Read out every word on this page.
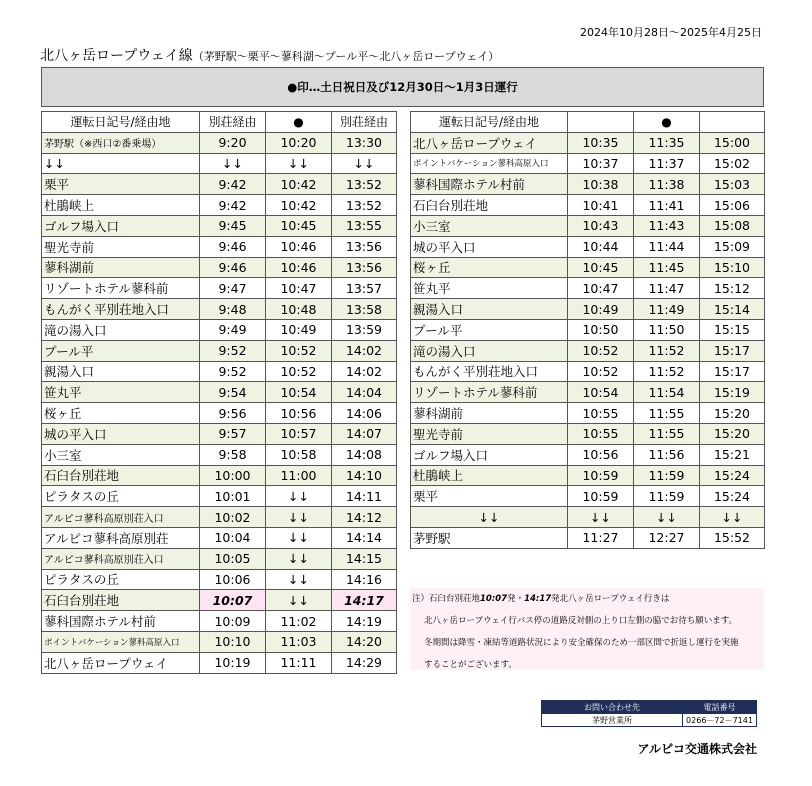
2024年10月28日～2025年4月25日
北八ヶ岳ロープウェイ線（茅野駅～栗平～蓼科湖～プール平～北八ヶ岳ロープウェイ）
●印…土日祝日及び12月30日～1月3日運行
運転日記号/経由地	別荘経由	●	別荘経由
茅野駅（※西口②番乗場）	9:20	10:20	13:30
↓↓	↓↓	↓↓	↓↓
栗平	9:42	10:42	13:52
杜鵑峡上	9:42	10:42	13:52
ゴルフ場入口	9:45	10:45	13:55
聖光寺前	9:46	10:46	13:56
蓼科湖前	9:46	10:46	13:56
リゾートホテル蓼科前	9:47	10:47	13:57
もんがく平別荘地入口	9:48	10:48	13:58
滝の湯入口	9:49	10:49	13:59
プール平	9:52	10:52	14:02
親湯入口	9:52	10:52	14:02
笹丸平	9:54	10:54	14:04
桜ヶ丘	9:56	10:56	14:06
城の平入口	9:57	10:57	14:07
小三室	9:58	10:58	14:08
石臼台別荘地	10:00	11:00	14:10
ピラタスの丘	10:01	↓↓	14:11
アルピコ蓼科高原別荘入口	10:02	↓↓	14:12
アルピコ蓼科高原別荘	10:04	↓↓	14:14
アルピコ蓼科高原別荘入口	10:05	↓↓	14:15
ピラタスの丘	10:06	↓↓	14:16
石臼台別荘地	10:07	↓↓	14:17
蓼科国際ホテル村前	10:09	11:02	14:19
ポイントバケーション蓼科高原入口	10:10	11:03	14:20
北八ヶ岳ロープウェイ	10:19	11:11	14:29
運転日記号/経由地		●	
北八ヶ岳ロープウェイ	10:35	11:35	15:00
ポイントバケーション蓼科高原入口	10:37	11:37	15:02
蓼科国際ホテル村前	10:38	11:38	15:03
石臼台別荘地	10:41	11:41	15:06
小三室	10:43	11:43	15:08
城の平入口	10:44	11:44	15:09
桜ヶ丘	10:45	11:45	15:10
笹丸平	10:47	11:47	15:12
親湯入口	10:49	11:49	15:14
プール平	10:50	11:50	15:15
滝の湯入口	10:52	11:52	15:17
もんがく平別荘地入口	10:52	11:52	15:17
リゾートホテル蓼科前	10:54	11:54	15:19
蓼科湖前	10:55	11:55	15:20
聖光寺前	10:55	11:55	15:20
ゴルフ場入口	10:56	11:56	15:21
杜鵑峡上	10:59	11:59	15:24
栗平	10:59	11:59	15:24
↓↓	↓↓	↓↓	↓↓
茅野駅	11:27	12:27	15:52
注）石臼台別荘地10:07発・14:17発北八ヶ岳ロープウェイ行きは
北八ヶ岳ロープウェイ行バス停の道路反対側の上り口左側の脇でお待ち願います。
冬期間は降雪・凍結等道路状況により安全確保のため一部区間で折返し運行を実施
することがございます。
お問い合わせ先	電話番号
茅野営業所	0266－72－7141
アルピコ交通株式会社
